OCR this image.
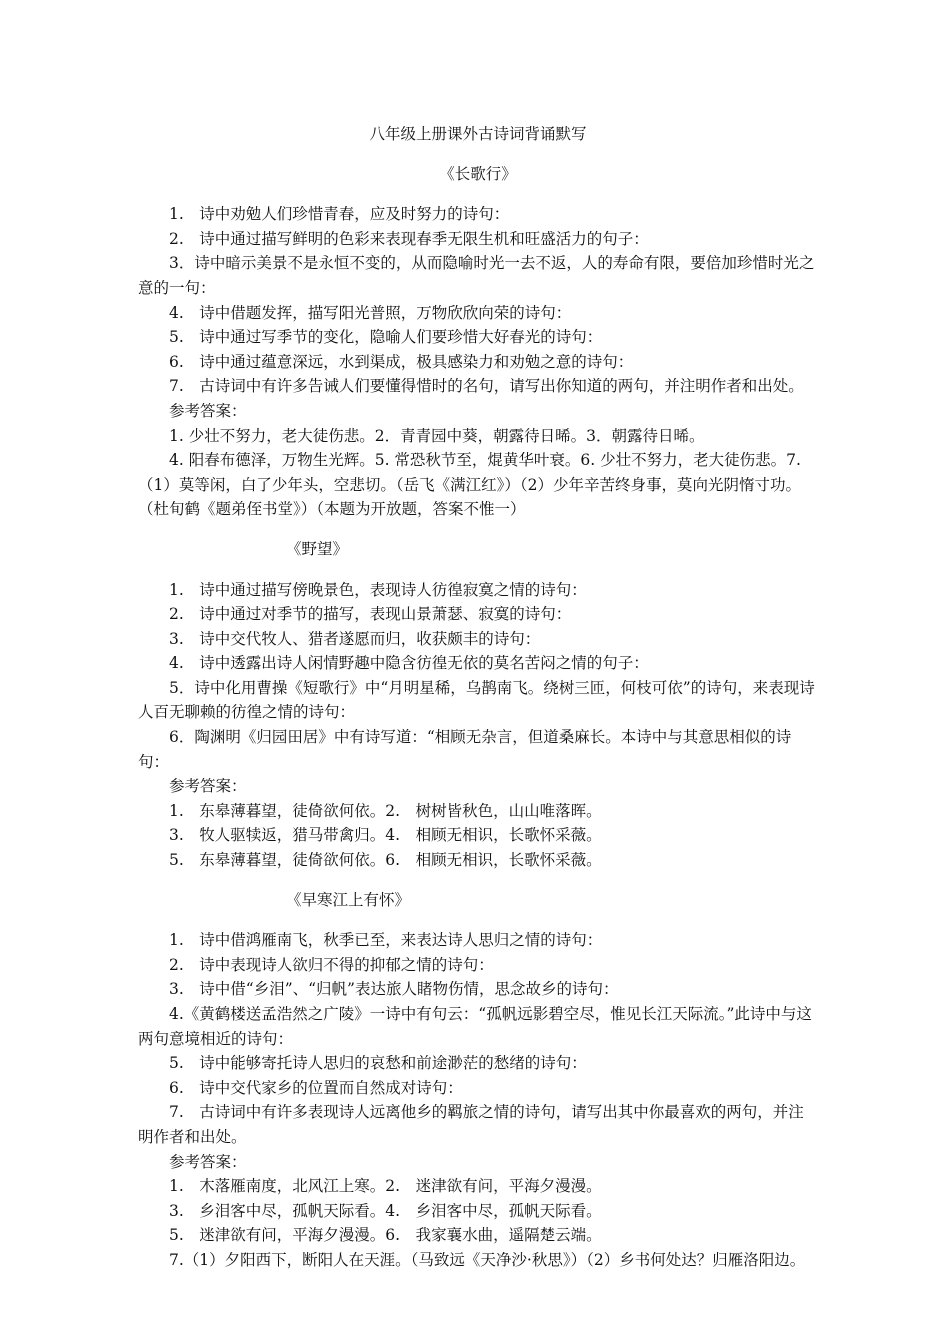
八年级上册课外古诗词背诵默写

《长歌行》

1.　诗中劝勉人们珍惜青春，应及时努力的诗句：

2.　诗中通过描写鲜明的色彩来表现春季无限生机和旺盛活力的句子：

3．诗中暗示美景不是永恒不变的，从而隐喻时光一去不返，人的寿命有限，要倍加珍惜时光之意的一句：

4.　诗中借题发挥，描写阳光普照，万物欣欣向荣的诗句：

5.　诗中通过写季节的变化，隐喻人们要珍惜大好春光的诗句：

6.　诗中通过蕴意深远，水到渠成，极具感染力和劝勉之意的诗句：

7.　古诗词中有许多告诫人们要懂得惜时的名句，请写出你知道的两句，并注明作者和出处。

参考答案：

1. 少壮不努力，老大徒伤悲。2．青青园中葵，朝露待日晞。3．朝露待日晞。

4. 阳春布德泽，万物生光辉。5. 常恐秋节至，焜黄华叶衰。6. 少壮不努力，老大徒伤悲。7.

（1）莫等闲，白了少年头，空悲切。（岳飞《满江红》）（2）少年辛苦终身事，莫向光阴惰寸功。

（杜旬鹤《题弟侄书堂》）（本题为开放题，答案不惟一）

《野望》

1.　诗中通过描写傍晚景色，表现诗人彷徨寂寞之情的诗句：

2.　诗中通过对季节的描写，表现山景萧瑟、寂寞的诗句：

3.　诗中交代牧人、猎者遂愿而归，收获颇丰的诗句：

4.　诗中透露出诗人闲情野趣中隐含彷徨无依的莫名苦闷之情的句子：

5．诗中化用曹操《短歌行》中“月明星稀，乌鹊南飞。绕树三匝，何枝可依”的诗句，来表现诗人百无聊赖的彷徨之情的诗句：

6．陶渊明《归园田居》中有诗写道：“相顾无杂言，但道桑麻长。本诗中与其意思相似的诗句：

参考答案：

1.　东皋薄暮望，徒倚欲何依。2.　树树皆秋色，山山唯落晖。

3.　牧人驱犊返，猎马带禽归。4.　相顾无相识，长歌怀采薇。

5.　东皋薄暮望，徒倚欲何依。6.　相顾无相识，长歌怀采薇。

《早寒江上有怀》

1.　诗中借鸿雁南飞，秋季已至，来表达诗人思归之情的诗句：

2.　诗中表现诗人欲归不得的抑郁之情的诗句：

3.　诗中借“乡泪”、“归帆”表达旅人睹物伤情，思念故乡的诗句：

4.《黄鹤楼送孟浩然之广陵》一诗中有句云：“孤帆远影碧空尽，惟见长江天际流。”此诗中与这两句意境相近的诗句：

5.　诗中能够寄托诗人思归的哀愁和前途渺茫的愁绪的诗句：

6.　诗中交代家乡的位置而自然成对诗句：

7.　古诗词中有许多表现诗人远离他乡的羁旅之情的诗句，请写出其中你最喜欢的两句，并注明作者和出处。

参考答案：

1.　木落雁南度，北风江上寒。2.　迷津欲有问，平海夕漫漫。

3.　乡泪客中尽，孤帆天际看。4.　乡泪客中尽，孤帆天际看。

5.　迷津欲有问，平海夕漫漫。6.　我家襄水曲，遥隔楚云端。

7.（1）夕阳西下，断阳人在天涯。（马致远《天净沙·秋思》）（2）乡书何处达？归雁洛阳边。
